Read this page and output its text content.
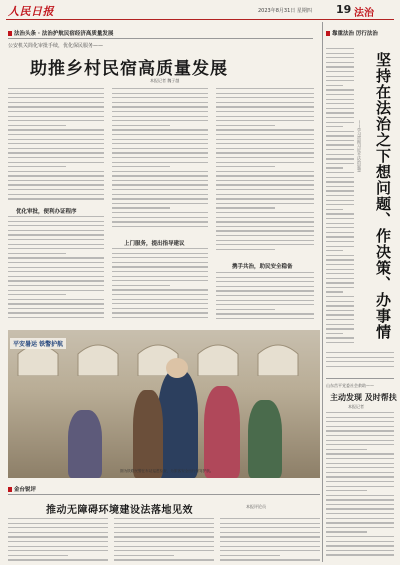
人民日报	2023年8月31日 星期四 19 法治
法治头条 · 法治护航民宿经济高质量发展
公安机关简化审批手续，优化保民服务——
助推乡村民宿高质量发展
本报记者 魏子越
优化审批，便利办证程序
上门服务，提出指导建议
携手共治，助民安全稳备
平安暑运 铁警护航
图为铁路民警在车站巡逻检查，为旅客安全出行保驾护航。
金台锐评
推动无障碍环境建设法落地见效	本报评论员
靠重法治 厉行法治
坚持在法治之下想问题、作决策、办事情
——学习贯彻习近平法治思想
山东莒平党委社会救助——
主动发现 及时帮扶
本报记者
